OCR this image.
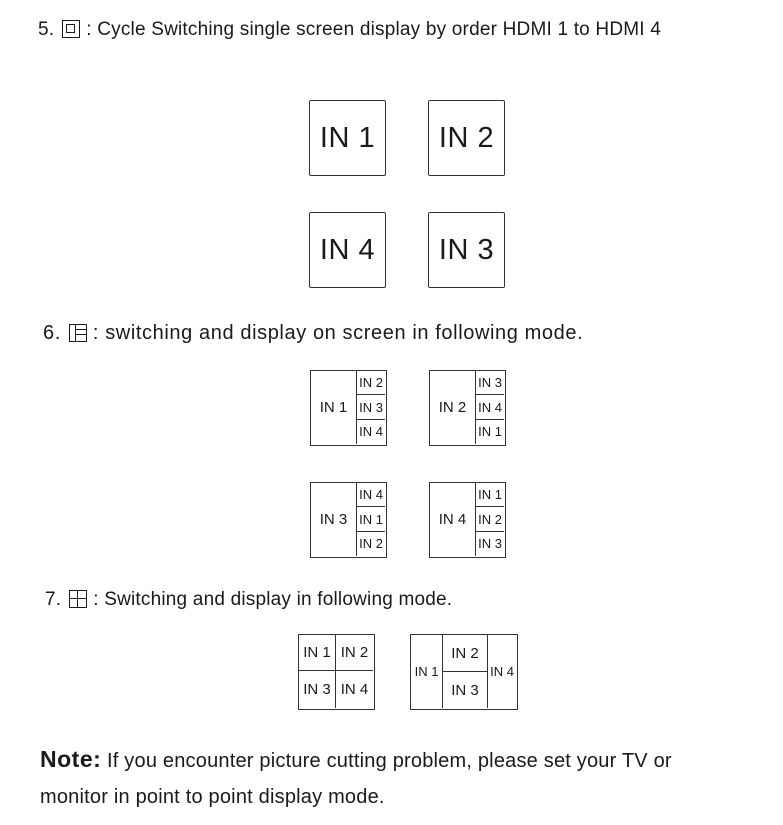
5. : Cycle Switching single screen display by order HDMI 1 to HDMI 4
IN 1 IN 2
IN 4 IN 3
6. : switching and display on screen in following mode.
IN 1
IN 2
IN 3
IN 4
IN 2
IN 3
IN 4
IN 1
IN 3
IN 4
IN 1
IN 2
IN 4
IN 1
IN 2
IN 3
7. : Switching and display in following mode.
IN 1 IN 2
IN 3 IN 4
IN 1
IN 2
IN 3
IN 4
Note: If you encounter picture cutting problem, please set your TV or
monitor in point to point display mode.
